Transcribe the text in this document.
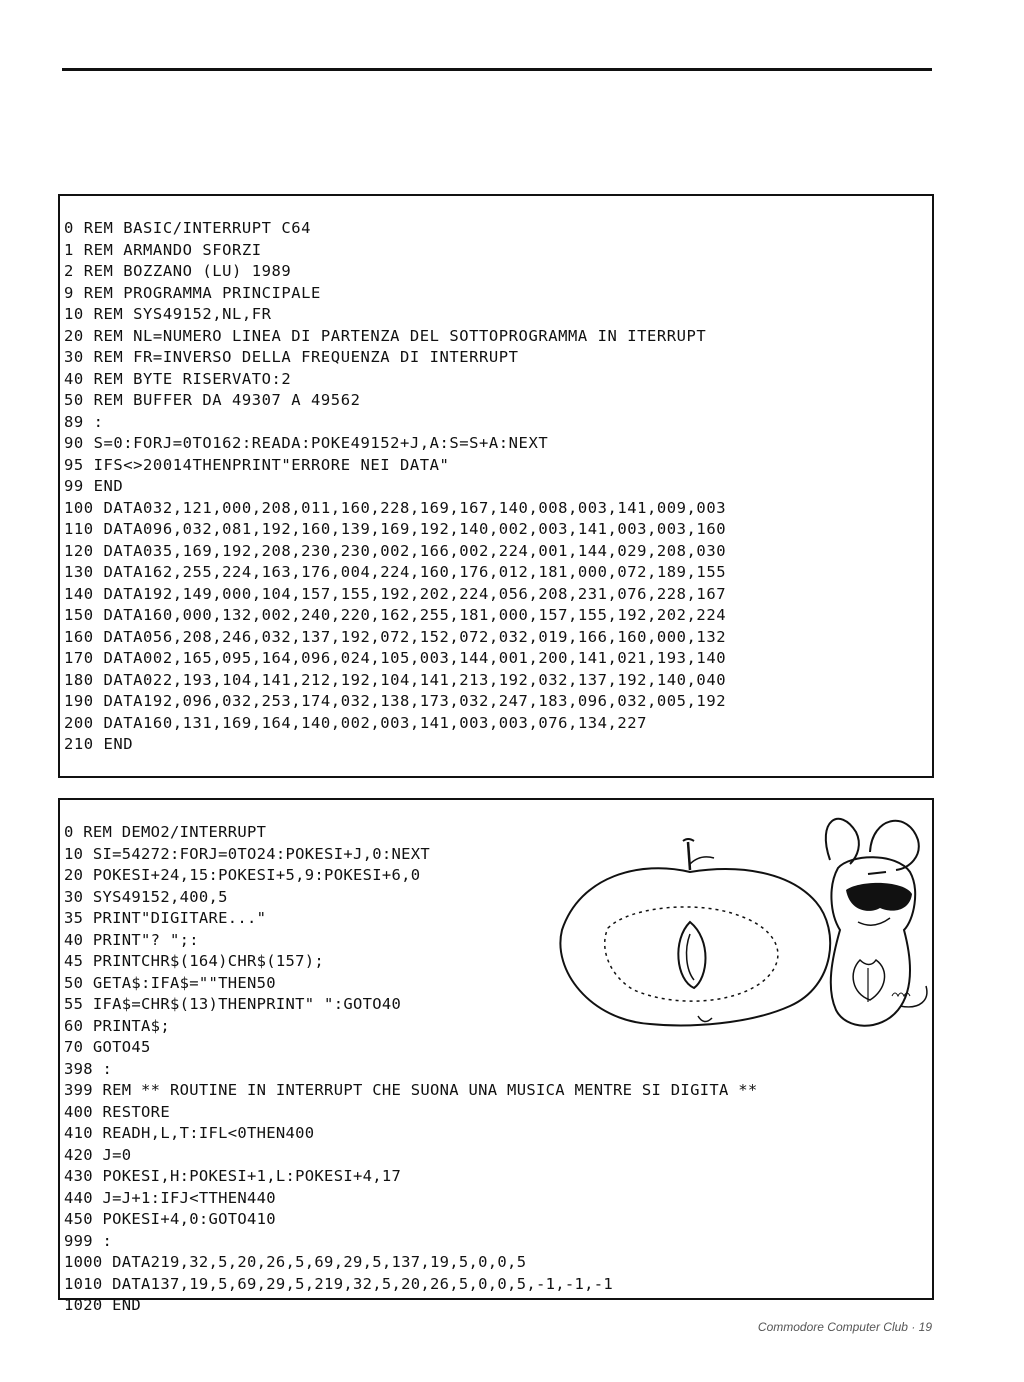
0 REM BASIC/INTERRUPT C64
1 REM ARMANDO SFORZI
2 REM BOZZANO (LU) 1989
9 REM PROGRAMMA PRINCIPALE
10 REM SYS49152,NL,FR
20 REM NL=NUMERO LINEA DI PARTENZA DEL SOTTOPROGRAMMA IN ITERRUPT
30 REM FR=INVERSO DELLA FREQUENZA DI INTERRUPT
40 REM BYTE RISERVATO:2
50 REM BUFFER DA 49307 A 49562
89 :
90 S=0:FORJ=0TO162:READA:POKE49152+J,A:S=S+A:NEXT
95 IFS<>20014THENPRINT"ERRORE NEI DATA"
99 END
100 DATA032,121,000,208,011,160,228,169,167,140,008,003,141,009,003
110 DATA096,032,081,192,160,139,169,192,140,002,003,141,003,003,160
120 DATA035,169,192,208,230,230,002,166,002,224,001,144,029,208,030
130 DATA162,255,224,163,176,004,224,160,176,012,181,000,072,189,155
140 DATA192,149,000,104,157,155,192,202,224,056,208,231,076,228,167
150 DATA160,000,132,002,240,220,162,255,181,000,157,155,192,202,224
160 DATA056,208,246,032,137,192,072,152,072,032,019,166,160,000,132
170 DATA002,165,095,164,096,024,105,003,144,001,200,141,021,193,140
180 DATA022,193,104,141,212,192,104,141,213,192,032,137,192,140,040
190 DATA192,096,032,253,174,032,138,173,032,247,183,096,032,005,192
200 DATA160,131,169,164,140,002,003,141,003,003,076,134,227
210 END
0 REM DEMO2/INTERRUPT
10 SI=54272:FORJ=0TO24:POKESI+J,0:NEXT
20 POKESI+24,15:POKESI+5,9:POKESI+6,0
30 SYS49152,400,5
35 PRINT"DIGITARE..."
40 PRINT"? ";:
45 PRINTCHR$(164)CHR$(157);
50 GETA$:IFA$=""THEN50
55 IFA$=CHR$(13)THENPRINT" ":GOTO40
60 PRINTA$;
70 GOTO45
398 :
399 REM ** ROUTINE IN INTERRUPT CHE SUONA UNA MUSICA MENTRE SI DIGITA **
400 RESTORE
410 READH,L,T:IFL<0THEN400
420 J=0
430 POKESI,H:POKESI+1,L:POKESI+4,17
440 J=J+1:IFJ<TTHEN440
450 POKESI+4,0:GOTO410
999 :
1000 DATA219,32,5,20,26,5,69,29,5,137,19,5,0,0,5
1010 DATA137,19,5,69,29,5,219,32,5,20,26,5,0,0,5,-1,-1,-1
1020 END
Commodore Computer Club · 19
